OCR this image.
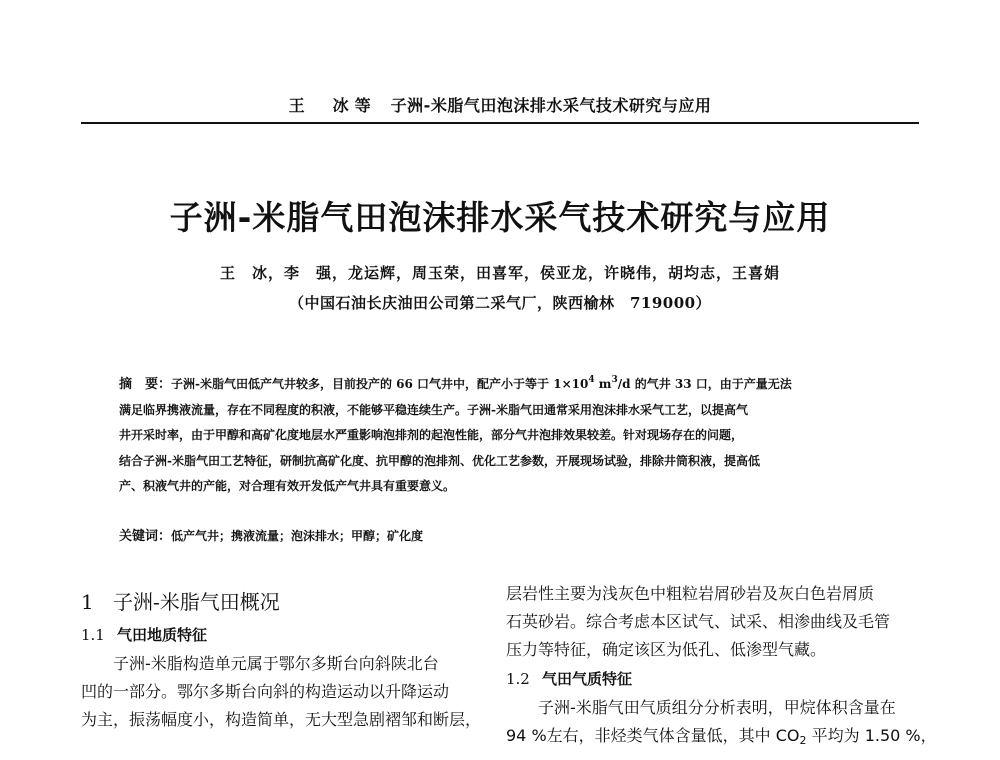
王　冰等 子洲-米脂气田泡沫排水采气技术研究与应用
子洲-米脂气田泡沫排水采气技术研究与应用
王　冰，李　强，龙运辉，周玉荣，田喜军，侯亚龙，许晓伟，胡均志，王喜娟
（中国石油长庆油田公司第二采气厂，陕西榆林　719000）
摘　要：子洲-米脂气田低产气井较多，目前投产的 66 口气井中，配产小于等于 $1\times 10^4$ $m^3/d$ 的气井 33 口，由于产量无法
满足临界携液流量，存在不同程度的积液，不能够平稳连续生产。子洲-米脂气田通常采用泡沫排水采气工艺，以提高气
井开采时率，由于甲醇和高矿化度地层水严重影响泡排剂的起泡性能，部分气井泡排效果较差。针对现场存在的问题，
结合子洲-米脂气田工艺特征，研制抗高矿化度、抗甲醇的泡排剂、优化工艺参数，开展现场试验，排除井筒积液，提高低
产、积液气井的产能，对合理有效开发低产气井具有重要意义。
关键词：低产气井；携液流量；泡沫排水；甲醇；矿化度
1 子洲-米脂气田概况
1.1 气田地质特征
子洲-米脂构造单元属于鄂尔多斯台向斜陕北台
凹的一部分。鄂尔多斯台向斜的构造运动以升降运动
为主，振荡幅度小，构造简单，无大型急剧褶邹和断层，
层岩性主要为浅灰色中粗粒岩屑砂岩及灰白色岩屑质
石英砂岩。综合考虑本区试气、试采、相渗曲线及毛管
压力等特征，确定该区为低孔、低渗型气藏。
1.2 气田气质特征
子洲-米脂气田气质组分分析表明，甲烷体积含量在
94 %左右，非烃类气体含量低，其中 $CO_2$ 平均为 1.50 %，
